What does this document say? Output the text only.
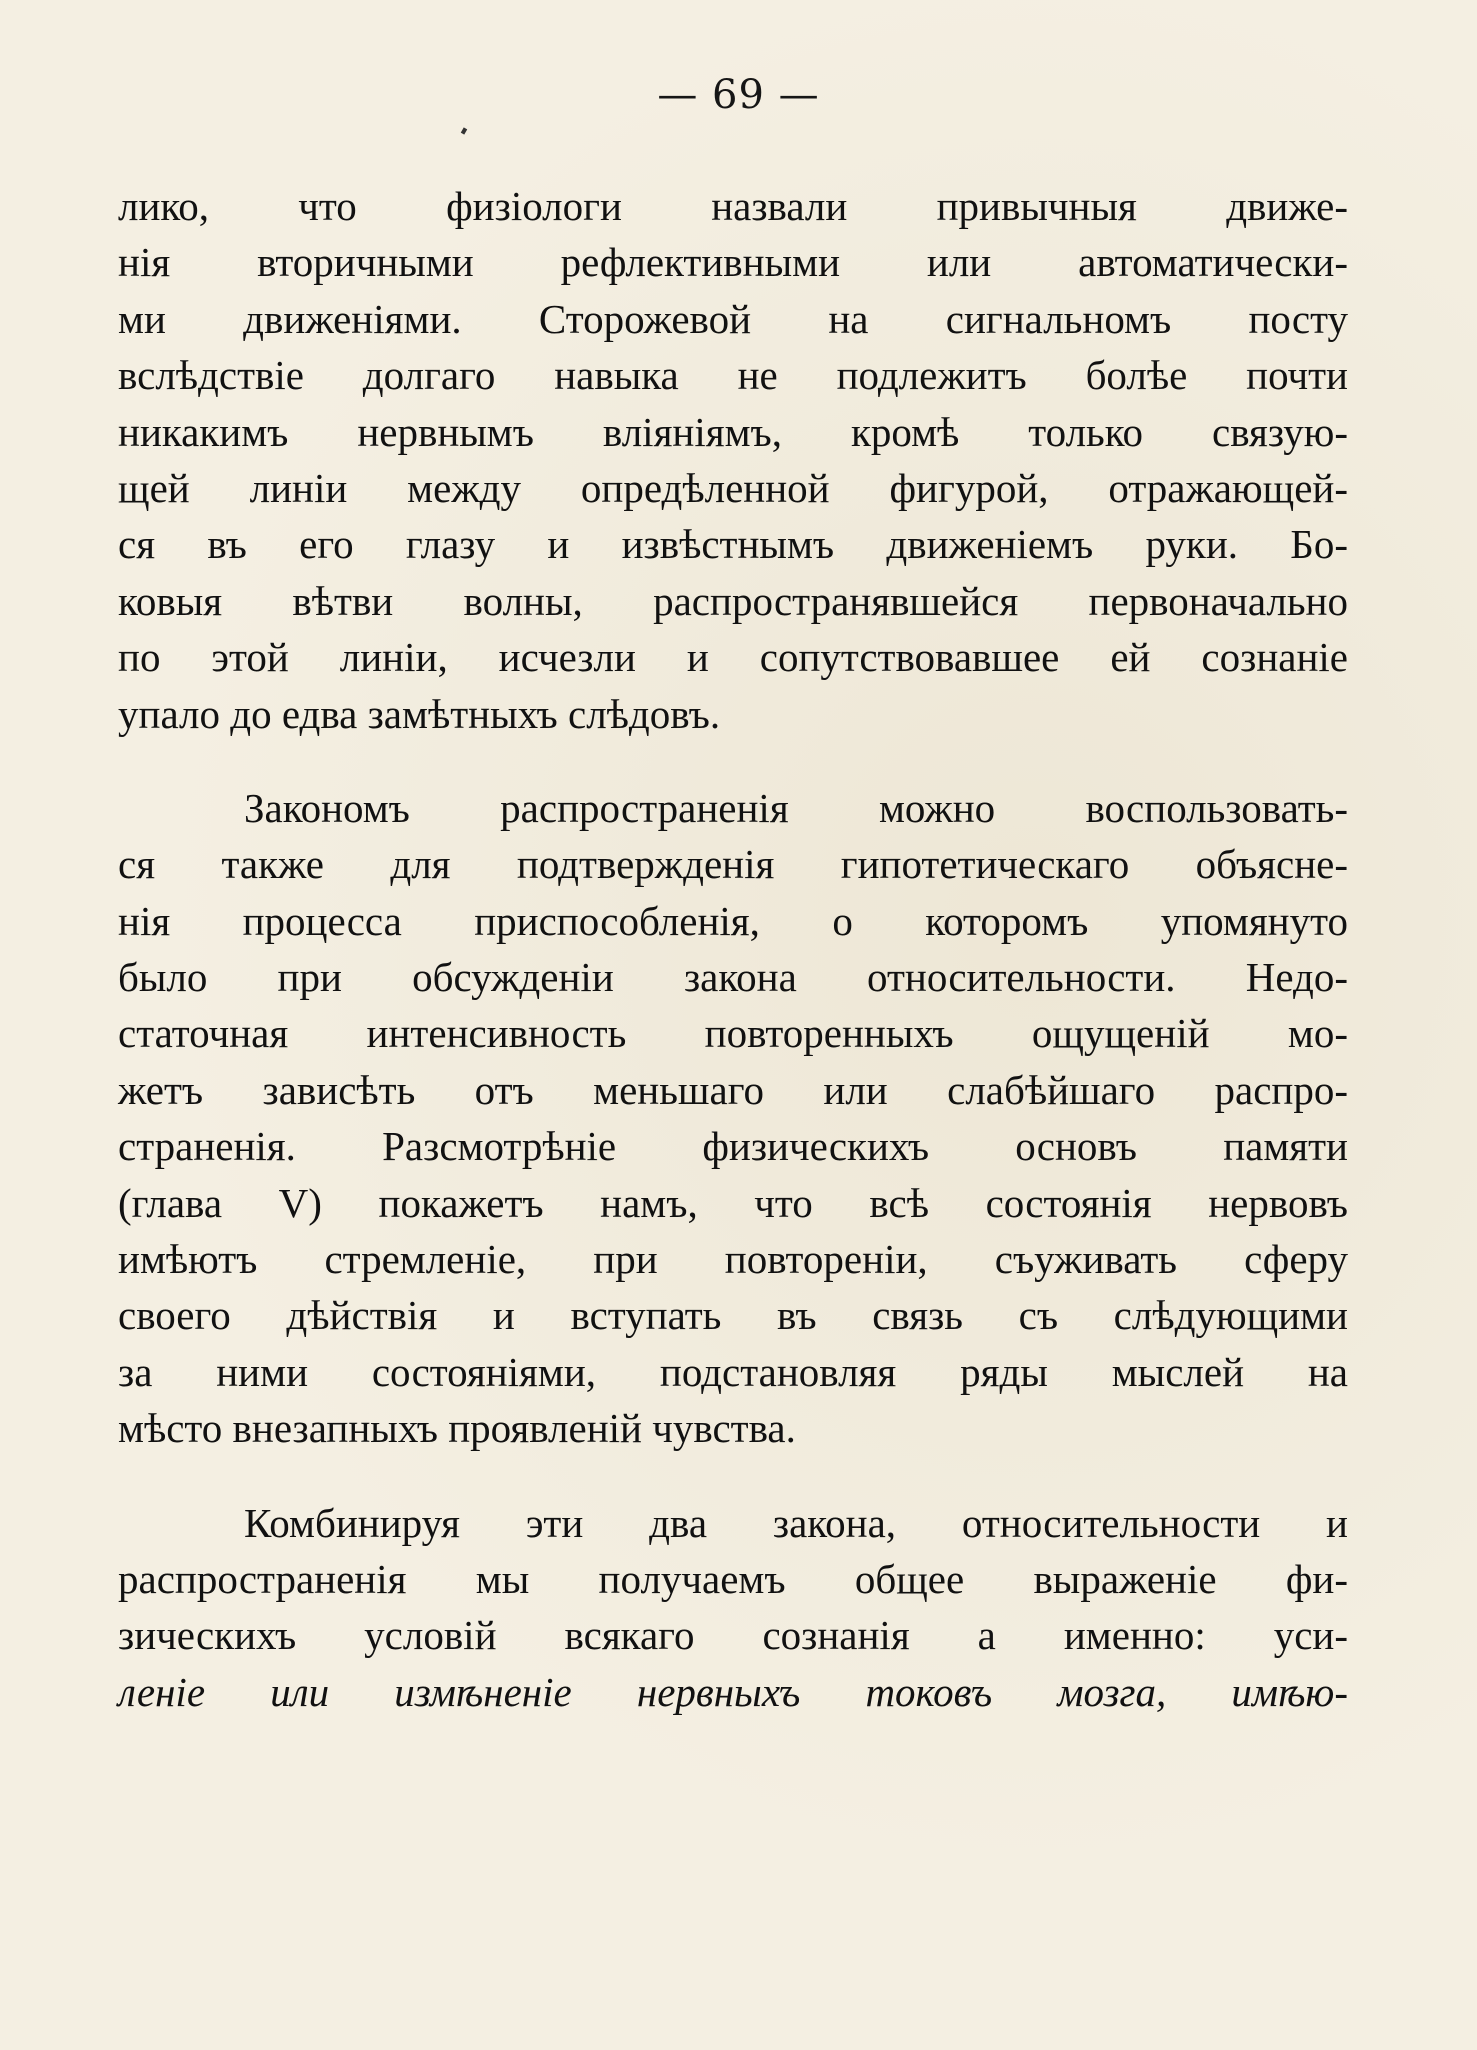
— 69 —

лико, что физіологи назвали привычныя движе-
нія вторичными рефлективными или автоматически-
ми движеніями. Сторожевой на сигнальномъ посту
вслѣдствіе долгаго навыка не подлежитъ болѣе почти
никакимъ нервнымъ вліяніямъ, кромѣ только связую-
щей линіи между опредѣленной фигурой, отражающей-
ся въ его глазу и извѣстнымъ движеніемъ руки. Бо-
ковыя вѣтви волны, распространявшейся первоначально
по этой линіи, исчезли и сопутствовавшее ей сознаніе
упало до едва замѣтныхъ слѣдовъ.

Закономъ распространенія можно воспользовать-
ся также для подтвержденія гипотетическаго объясне-
нія процесса приспособленія, о которомъ упомянуто
было при обсужденіи закона относительности. Недо-
статочная интенсивность повторенныхъ ощущеній мо-
жетъ зависѣть отъ меньшаго или слабѣйшаго распро-
страненія. Разсмотрѣніе физическихъ основъ памяти
(глава V) покажетъ намъ, что всѣ состоянія нервовъ
имѣютъ стремленіе, при повтореніи, съуживать сферу
своего дѣйствія и вступать въ связь съ слѣдующими
за ними состояніями, подстановляя ряды мыслей на
мѣсто внезапныхъ проявленій чувства.

Комбинируя эти два закона, относительности и
распространенія мы получаемъ общее выраженіе фи-
зическихъ условій всякаго сознанія а именно: уси-
леніе или измѣненіе нервныхъ токовъ мозга, имѣю-
